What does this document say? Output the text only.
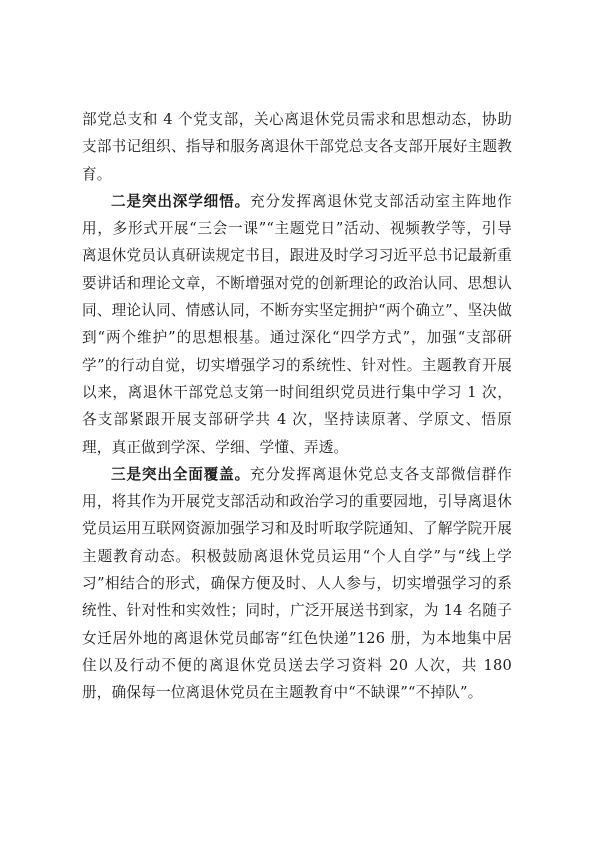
部党总支和 4 个党支部，关心离退休党员需求和思想动态，协助支部书记组织、指导和服务离退休干部党总支各支部开展好主题教育。

二是突出深学细悟。充分发挥离退休党支部活动室主阵地作用，多形式开展“三会一课”“主题党日”活动、视频教学等，引导离退休党员认真研读规定书目，跟进及时学习习近平总书记最新重要讲话和理论文章，不断增强对党的创新理论的政治认同、思想认同、理论认同、情感认同，不断夯实坚定拥护“两个确立”、坚决做到“两个维护”的思想根基。通过深化“四学方式”，加强“支部研学”的行动自觉，切实增强学习的系统性、针对性。主题教育开展以来，离退休干部党总支第一时间组织党员进行集中学习 1 次，各支部紧跟开展支部研学共 4 次，坚持读原著、学原文、悟原理，真正做到学深、学细、学懂、弄透。

三是突出全面覆盖。充分发挥离退休党总支各支部微信群作用，将其作为开展党支部活动和政治学习的重要园地，引导离退休党员运用互联网资源加强学习和及时听取学院通知、了解学院开展主题教育动态。积极鼓励离退休党员运用“个人自学”与“线上学习”相结合的形式，确保方便及时、人人参与，切实增强学习的系统性、针对性和实效性；同时，广泛开展送书到家，为 14 名随子女迁居外地的离退休党员邮寄“红色快递”126 册，为本地集中居住以及行动不便的离退休党员送去学习资料 20 人次，共 180 册，确保每一位离退休党员在主题教育中“不缺课”“不掉队”。
